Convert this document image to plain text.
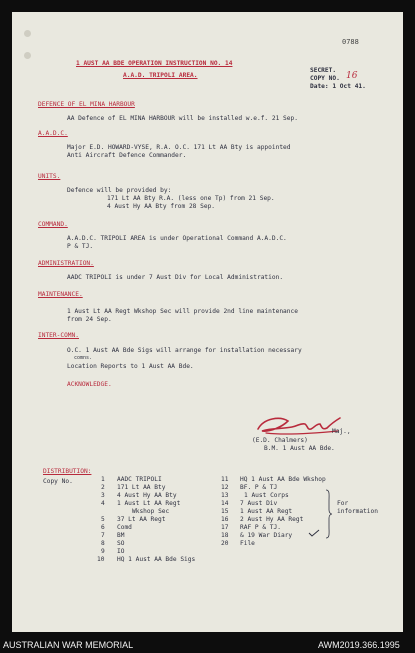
0788
1 AUST AA BDE OPERATION INSTRUCTION NO. 14
A.A.D. TRIPOLI AREA.
SECRET.
COPY NO. 16
Date: 1 Oct 41.
DEFENCE OF EL MINA HARBOUR
AA Defence of EL MINA HARBOUR will be installed w.e.f. 21 Sep.
A.A.D.C.
Major E.D. HOWARD-VYSE, R.A. O.C. 171 Lt AA Bty is appointed
Anti Aircraft Defence Commander.
UNITS.
Defence will be provided by:
171 Lt AA Bty R.A. (less one Tp) from 21 Sep.
4 Aust Hy AA Bty from 28 Sep.
COMMAND.
A.A.D.C. TRIPOLI AREA is under Operational Command A.A.D.C.
P & TJ.
ADMINISTRATION.
AADC TRIPOLI is under 7 Aust Div for Local Administration.
MAINTENANCE.
1 Aust Lt AA Regt Wkshop Sec will provide 2nd line maintenance
from 24 Sep.
INTER-COMN.
O.C. 1 Aust AA Bde Sigs will arrange for installation necessary
comns.
Location Reports to 1 Aust AA Bde.
ACKNOWLEDGE.
Maj.,
(E.D. Chalmers)
B.M. 1 Aust AA Bde.
DISTRIBUTION:
Copy No.	1 AADC TRIPOLI
2 171 Lt AA Bty
3 4 Aust Hy AA Bty
4 1 Aust Lt AA Regt
Wkshop Sec
5 37 Lt AA Regt
6 Comd
7 BM
8 SO
9 IO
10 HQ 1 Aust AA Bde Sigs
11 HQ 1 Aust AA Bde Wkshop
12 BF. P & TJ
13	1 Aust Corps
14 7 Aust Div
15 1 Aust AA Regt
16 2 Aust Hy AA Regt
17 RAF P & TJ.
18 & 19 War Diary
20 File
For
information
AUSTRALIAN WAR MEMORIAL	AWM2019.366.1995
